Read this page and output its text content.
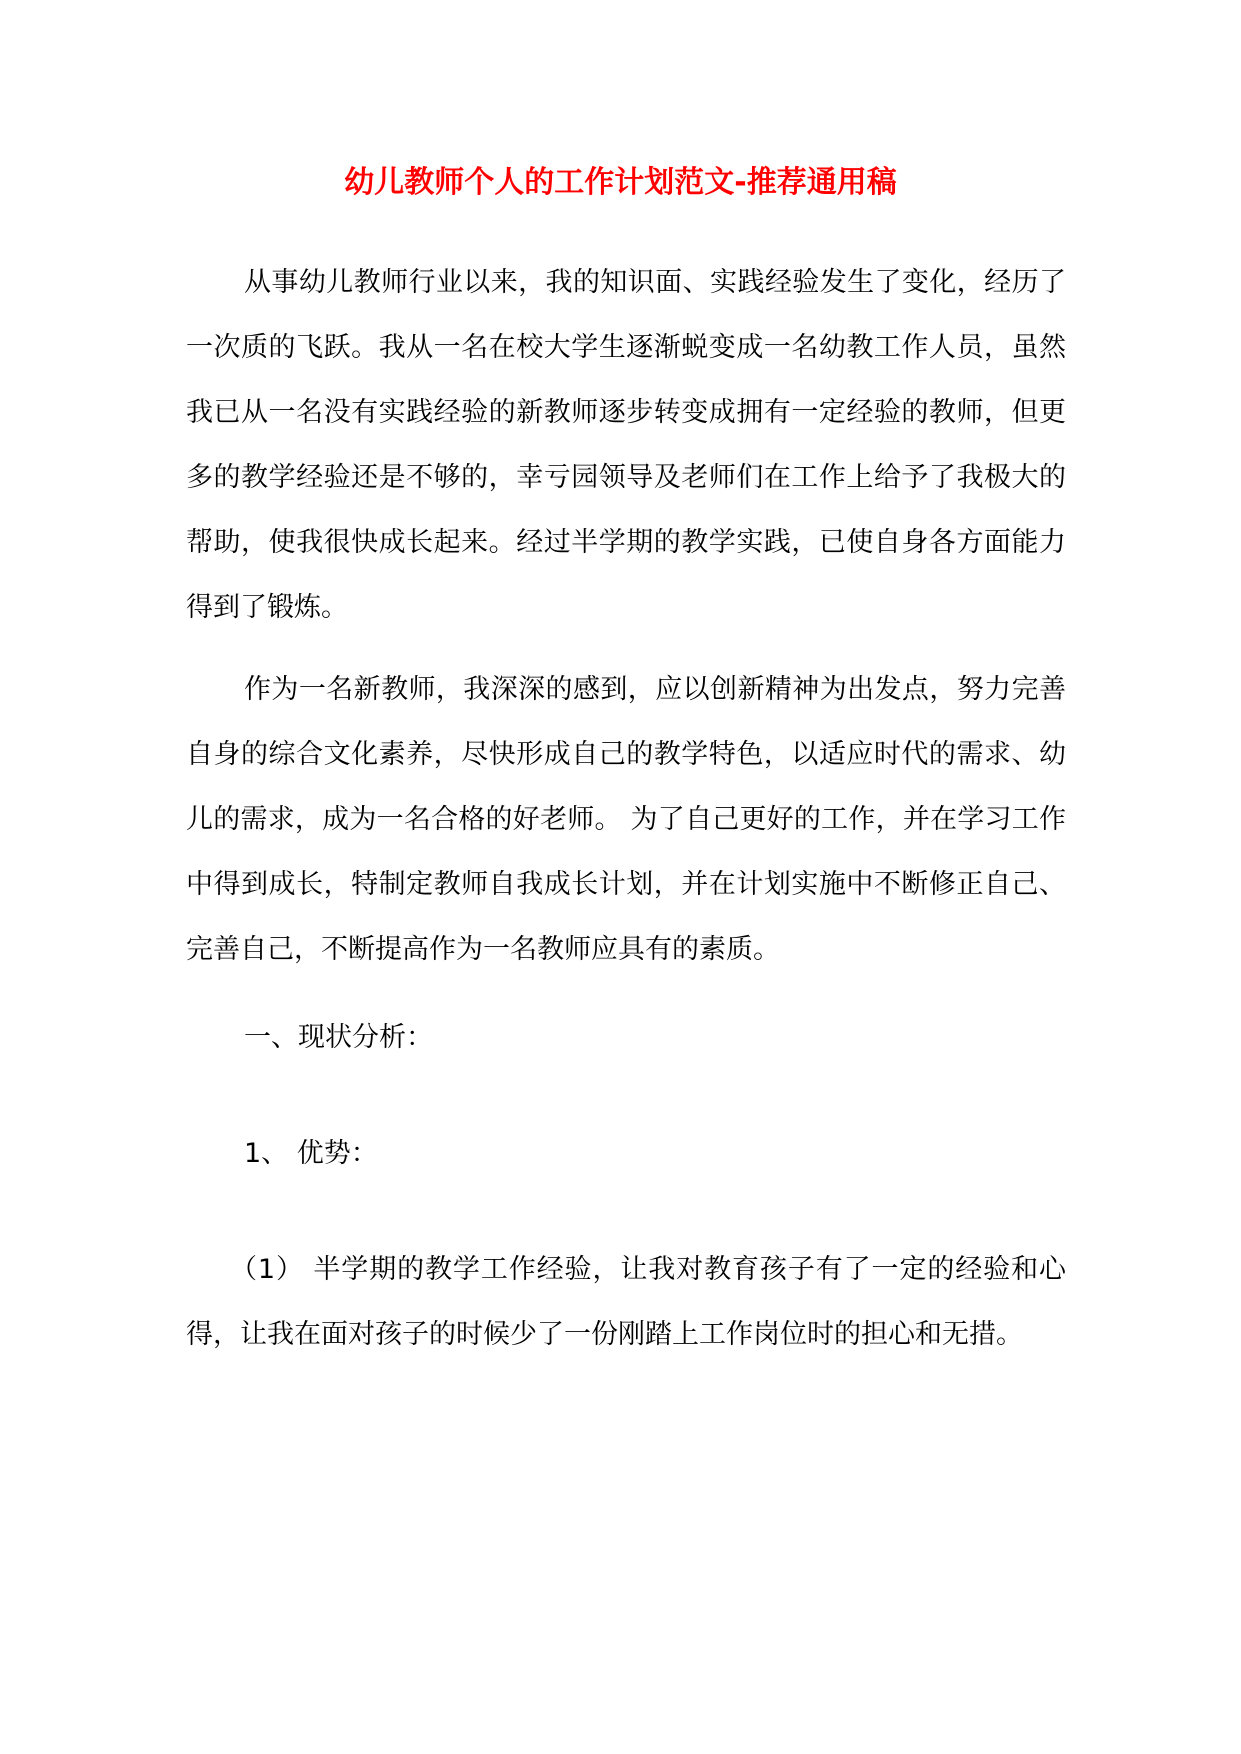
幼儿教师个人的工作计划范文-推荐通用稿
从事幼儿教师行业以来，我的知识面、实践经验发生了变化，经历了一次质的飞跃。我从一名在校大学生逐渐蜕变成一名幼教工作人员，虽然我已从一名没有实践经验的新教师逐步转变成拥有一定经验的教师，但更多的教学经验还是不够的，幸亏园领导及老师们在工作上给予了我极大的帮助，使我很快成长起来。经过半学期的教学实践，已使自身各方面能力得到了锻炼。
作为一名新教师，我深深的感到，应以创新精神为出发点，努力完善自身的综合文化素养，尽快形成自己的教学特色，以适应时代的需求、幼儿的需求，成为一名合格的好老师。 为了自己更好的工作，并在学习工作中得到成长，特制定教师自我成长计划，并在计划实施中不断修正自己、完善自己，不断提高作为一名教师应具有的素质。
一、现状分析：
1、 优势：
（1） 半学期的教学工作经验，让我对教育孩子有了一定的经验和心得，让我在面对孩子的时候少了一份刚踏上工作岗位时的担心和无措。
